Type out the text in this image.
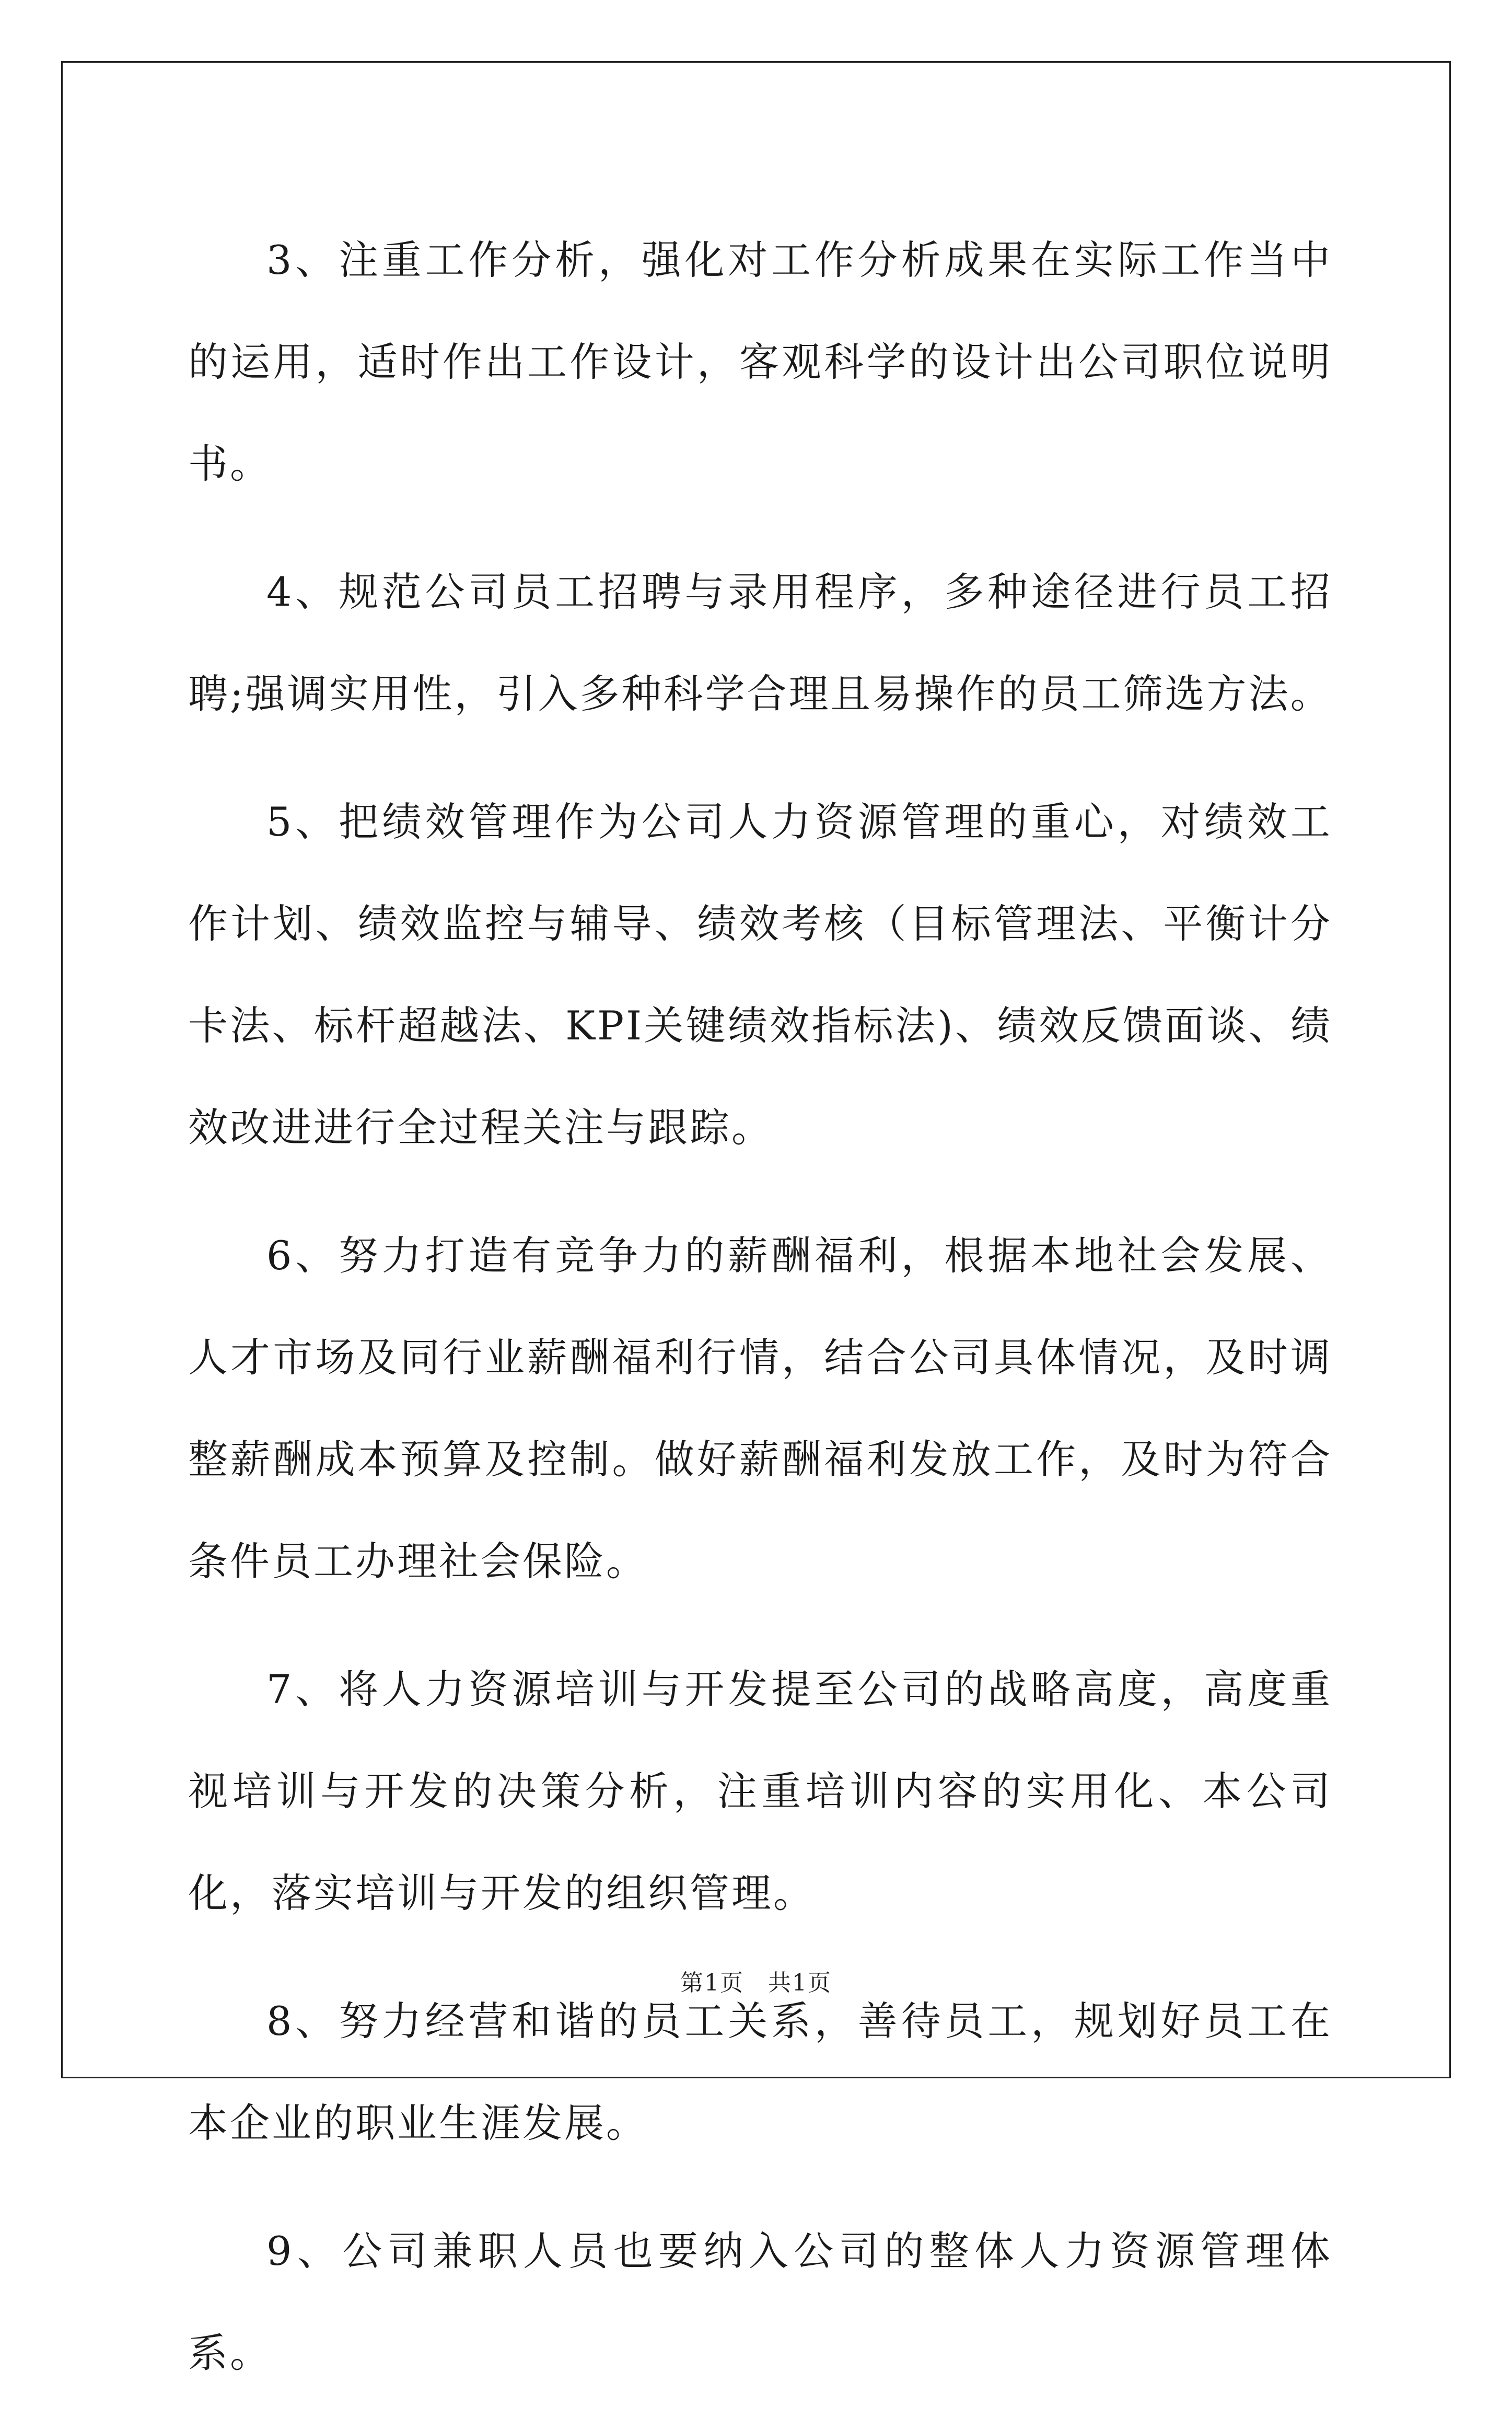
3、注重工作分析，强化对工作分析成果在实际工作当中的运用，适时作出工作设计，客观科学的设计出公司职位说明书。

4、规范公司员工招聘与录用程序，多种途径进行员工招聘;强调实用性，引入多种科学合理且易操作的员工筛选方法。

5、把绩效管理作为公司人力资源管理的重心，对绩效工作计划、绩效监控与辅导、绩效考核（目标管理法、平衡计分卡法、标杆超越法、KPI关键绩效指标法)、绩效反馈面谈、绩效改进进行全过程关注与跟踪。

6、努力打造有竞争力的薪酬福利，根据本地社会发展、人才市场及同行业薪酬福利行情，结合公司具体情况，及时调整薪酬成本预算及控制。做好薪酬福利发放工作，及时为符合条件员工办理社会保险。

7、将人力资源培训与开发提至公司的战略高度，高度重视培训与开发的决策分析，注重培训内容的实用化、本公司化，落实培训与开发的组织管理。

8、努力经营和谐的员工关系，善待员工，规划好员工在本企业的职业生涯发展。

9、公司兼职人员也要纳入公司的整体人力资源管理体系。

第1页　共1页
